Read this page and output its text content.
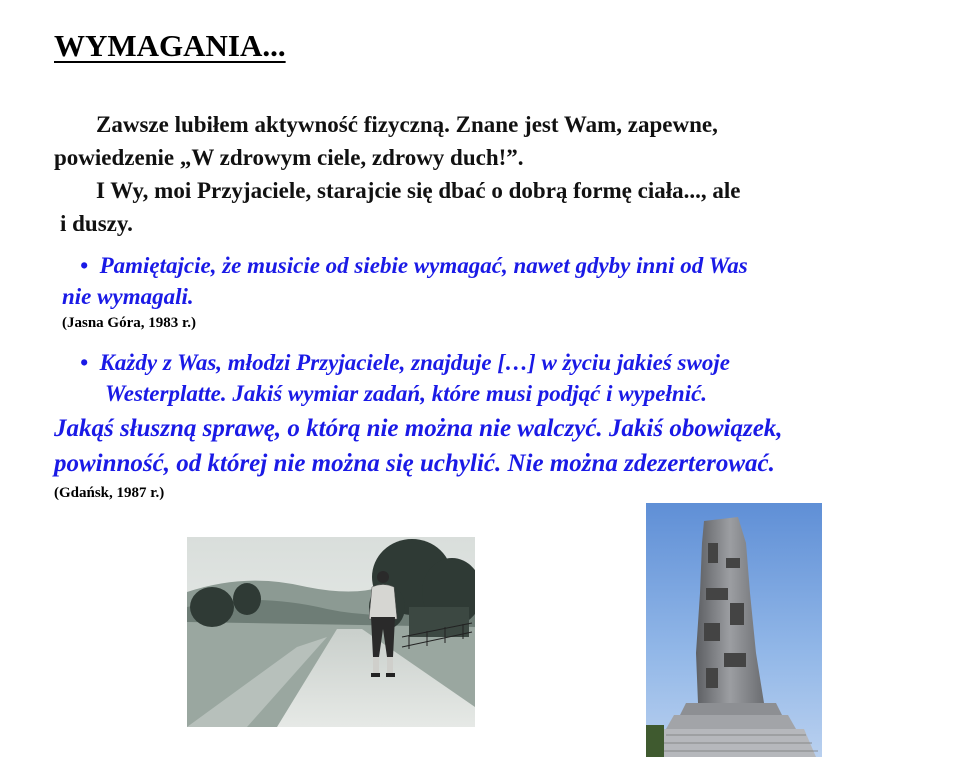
WYMAGANIA...
Zawsze lubiłem aktywność fizyczną. Znane jest Wam, zapewne,
powiedzenie „W zdrowym ciele, zdrowy duch!”.
I Wy, moi Przyjaciele, starajcie się dbać o dobrą formę ciała..., ale
i duszy.
• Pamiętajcie, że musicie od siebie wymagać, nawet gdyby inni od Was
nie wymagali.
(Jasna Góra, 1983 r.)
• Każdy z Was, młodzi Przyjaciele, znajduje […] w życiu jakieś swoje
Westerplatte. Jakiś wymiar zadań, które musi podjąć i wypełnić.
Jakąś słuszną sprawę, o którą nie można nie walczyć. Jakiś obowiązek,
powinność, od której nie można się uchylić. Nie można zdezerterować.
(Gdańsk, 1987 r.)
